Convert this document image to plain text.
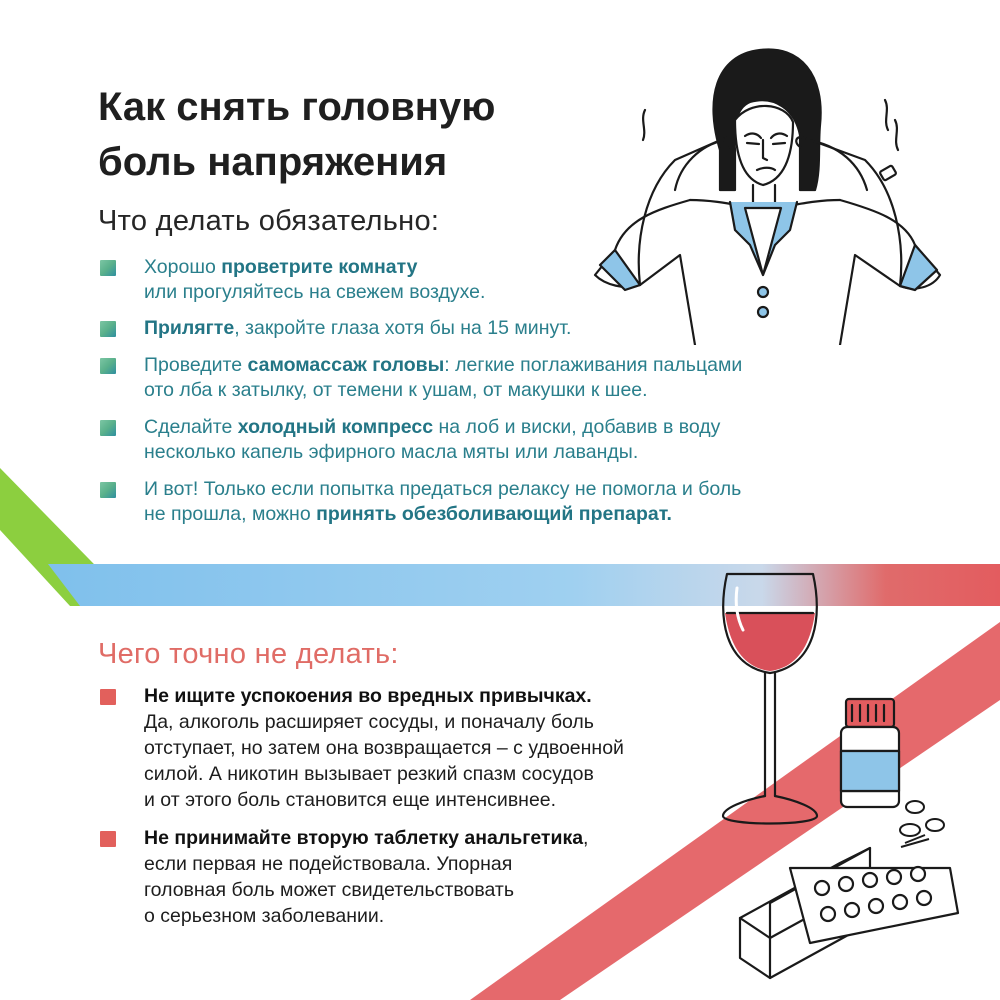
Как снять головную
боль напряжения
Что делать обязательно:
Хорошо проветрите комнату
или прогуляйтесь на свежем воздухе.
Прилягте, закройте глаза хотя бы на 15 минут.
Проведите самомассаж головы: легкие поглаживания пальцами
ото лба к затылку, от темени к ушам, от макушки к шее.
Сделайте холодный компресс на лоб и виски, добавив в воду
несколько капель эфирного масла мяты или лаванды.
И вот! Только если попытка предаться релаксу не помогла и боль
не прошла, можно принять обезболивающий препарат.
Чего точно не делать:
Не ищите успокоения во вредных привычках.
Да, алкоголь расширяет сосуды, и поначалу боль
отступает, но затем она возвращается – с удвоенной
силой. А никотин вызывает резкий спазм сосудов
и от этого боль становится еще интенсивнее.
Не принимайте вторую таблетку анальгетика,
если первая не подействовала. Упорная
головная боль может свидетельствовать
о серьезном заболевании.
